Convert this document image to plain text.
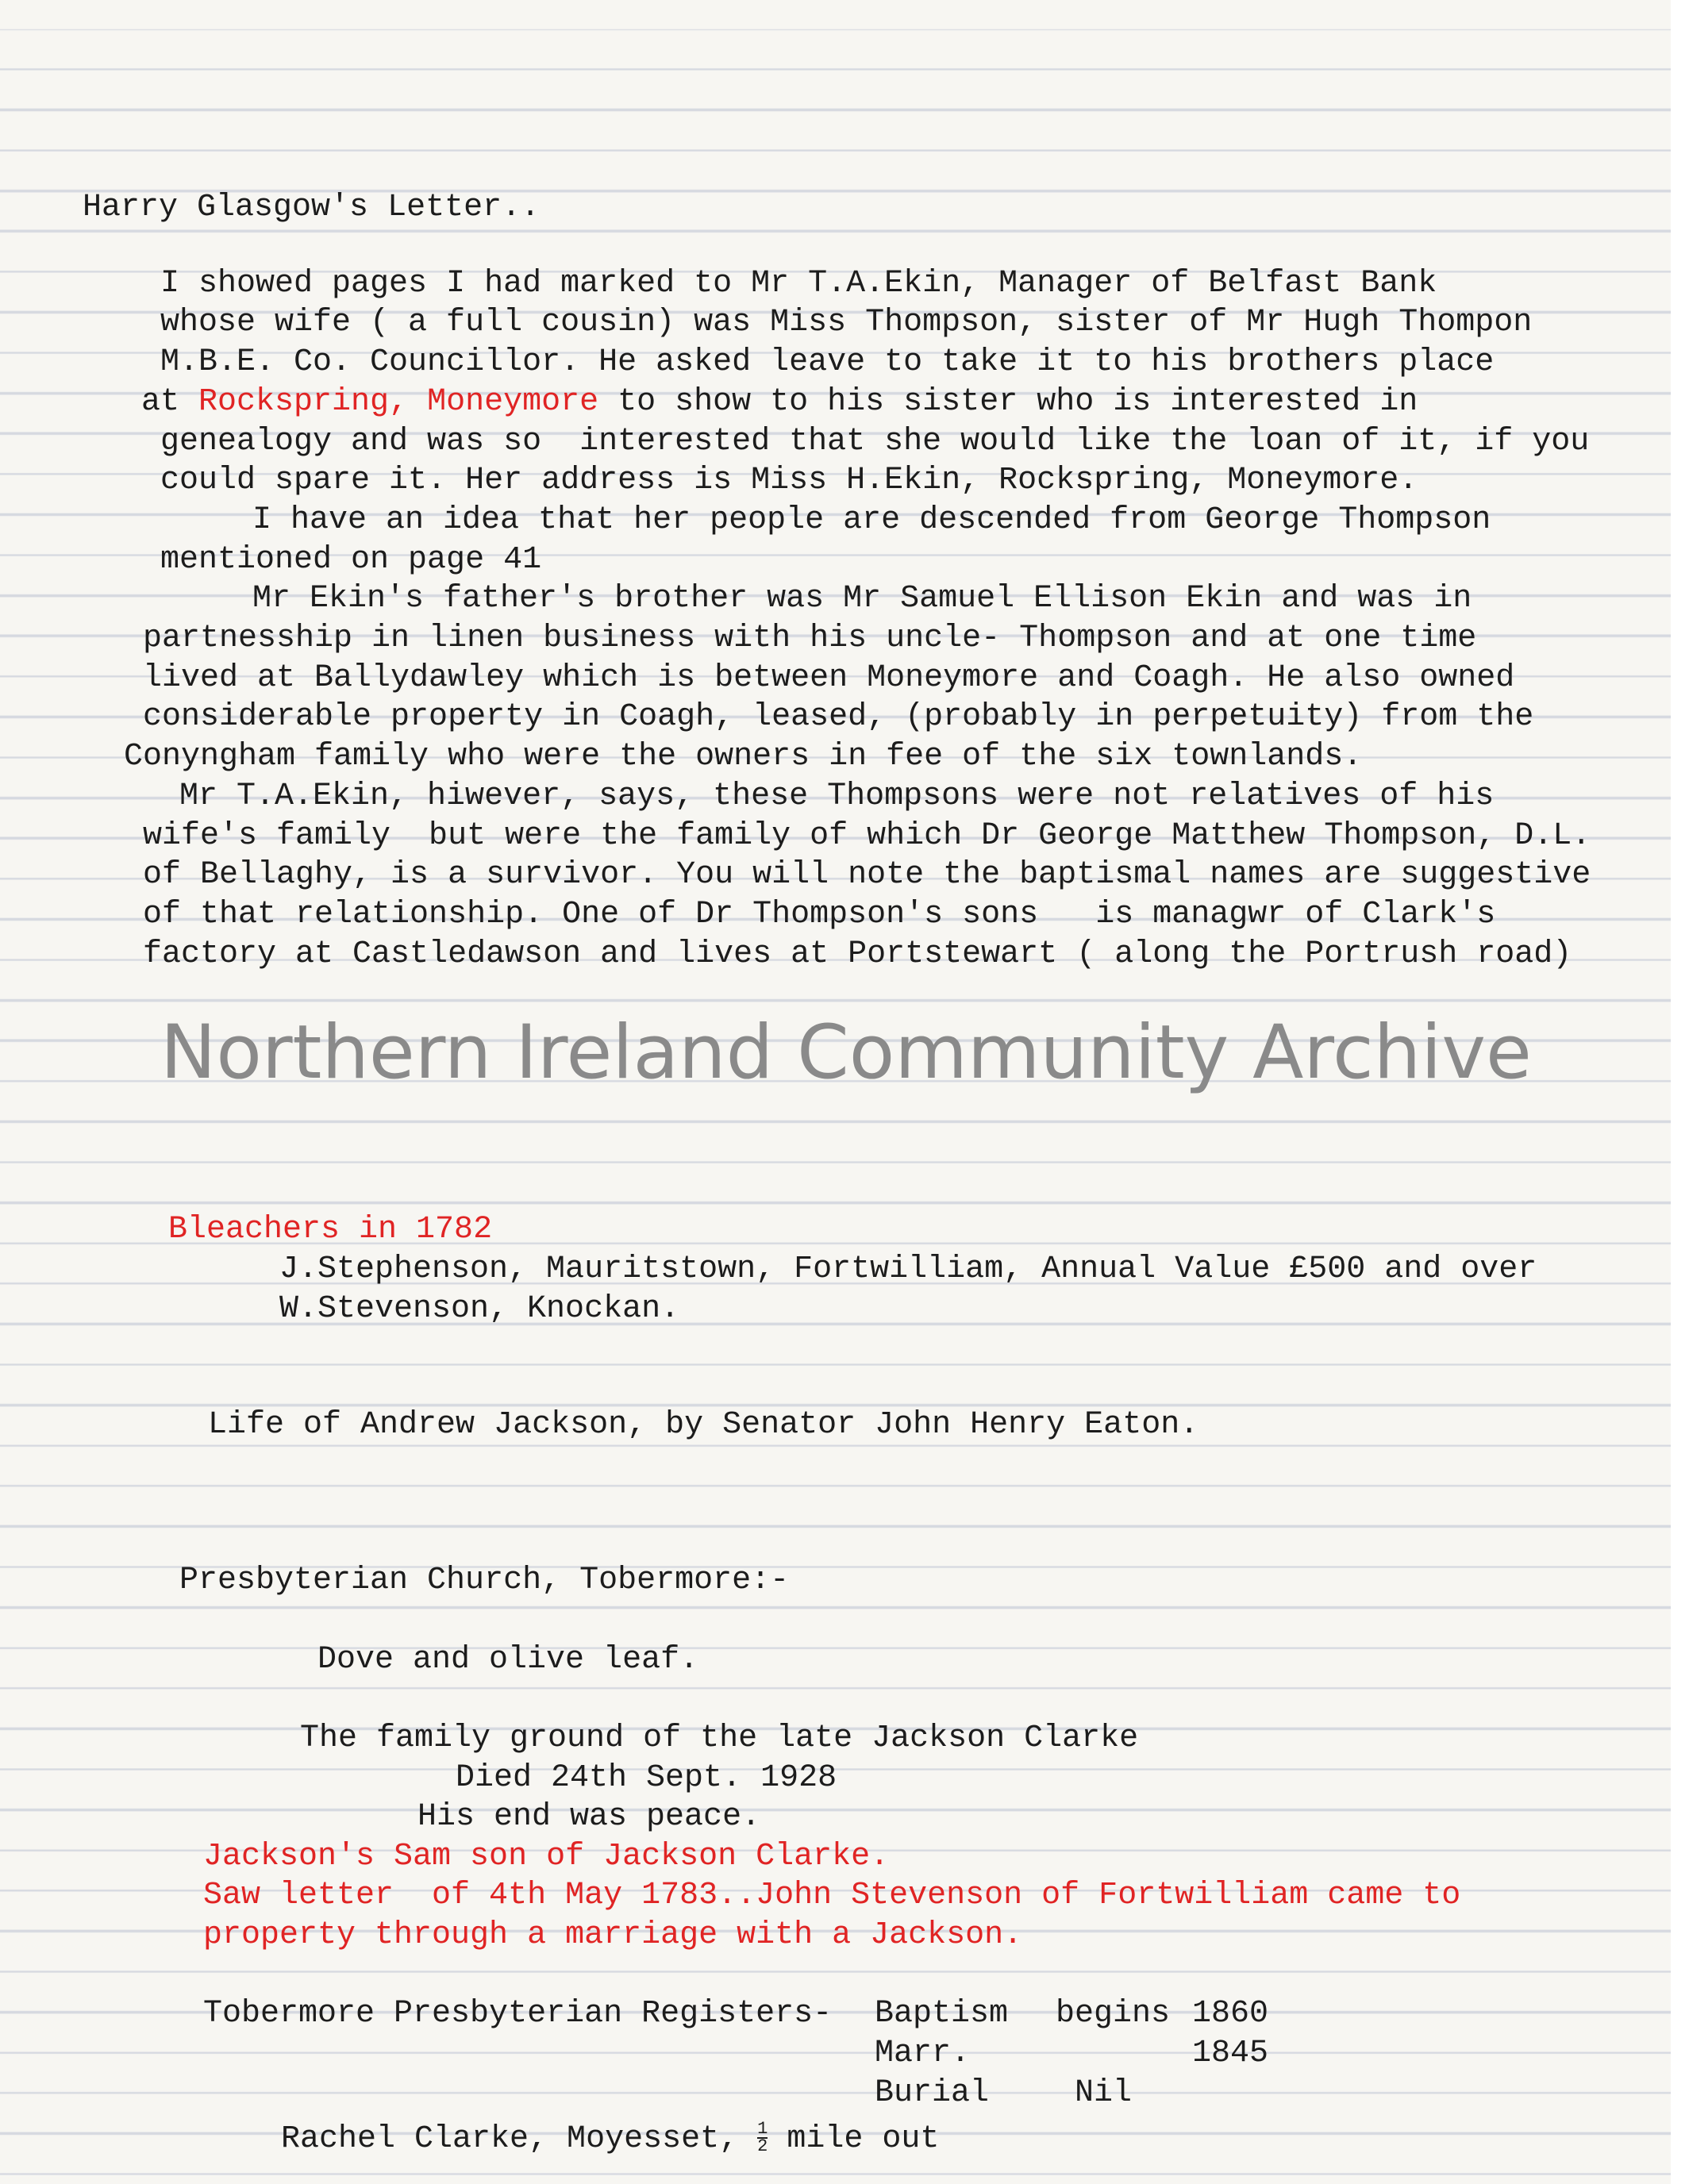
Harry Glasgow's Letter..

I showed pages I had marked to Mr T.A.Ekin, Manager of Belfast Bank

whose wife ( a full cousin) was Miss Thompson, sister of Mr Hugh Thompon

M.B.E. Co. Councillor. He asked leave to take it to his brothers place

at Rockspring, Moneymore to show to his sister who is interested in

genealogy and was so  interested that she would like the loan of it, if you

could spare it. Her address is Miss H.Ekin, Rockspring, Moneymore.

I have an idea that her people are descended from George Thompson

mentioned on page 41

Mr Ekin's father's brother was Mr Samuel Ellison Ekin and was in

partnesship in linen business with his uncle- Thompson and at one time

lived at Ballydawley which is between Moneymore and Coagh. He also owned

considerable property in Coagh, leased, (probably in perpetuity) from the

Conyngham family who were the owners in fee of the six townlands.

Mr T.A.Ekin, hiwever, says, these Thompsons were not relatives of his

wife's family  but were the family of which Dr George Matthew Thompson, D.L.

of Bellaghy, is a survivor. You will note the baptismal names are suggestive

of that relationship. One of Dr Thompson's sons   is managwr of Clark's

factory at Castledawson and lives at Portstewart ( along the Portrush road)

Northern Ireland Community Archive

Bleachers in 1782

J.Stephenson, Mauritstown, Fortwilliam, Annual Value £500 and over

W.Stevenson, Knockan.

Life of Andrew Jackson, by Senator John Henry Eaton.

Presbyterian Church, Tobermore:-

Dove and olive leaf.

The family ground of the late Jackson Clarke

Died 24th Sept. 1928

His end was peace.

Jackson's Sam son of Jackson Clarke.

Saw letter  of 4th May 1783..John Stevenson of Fortwilliam came to

property through a marriage with a Jackson.

Tobermore Presbyterian Registers- Baptism begins 1860

Marr.	1845

Burial	Nil

Rachel Clarke, Moyesset, $\frac{1}{2}$ mile out
